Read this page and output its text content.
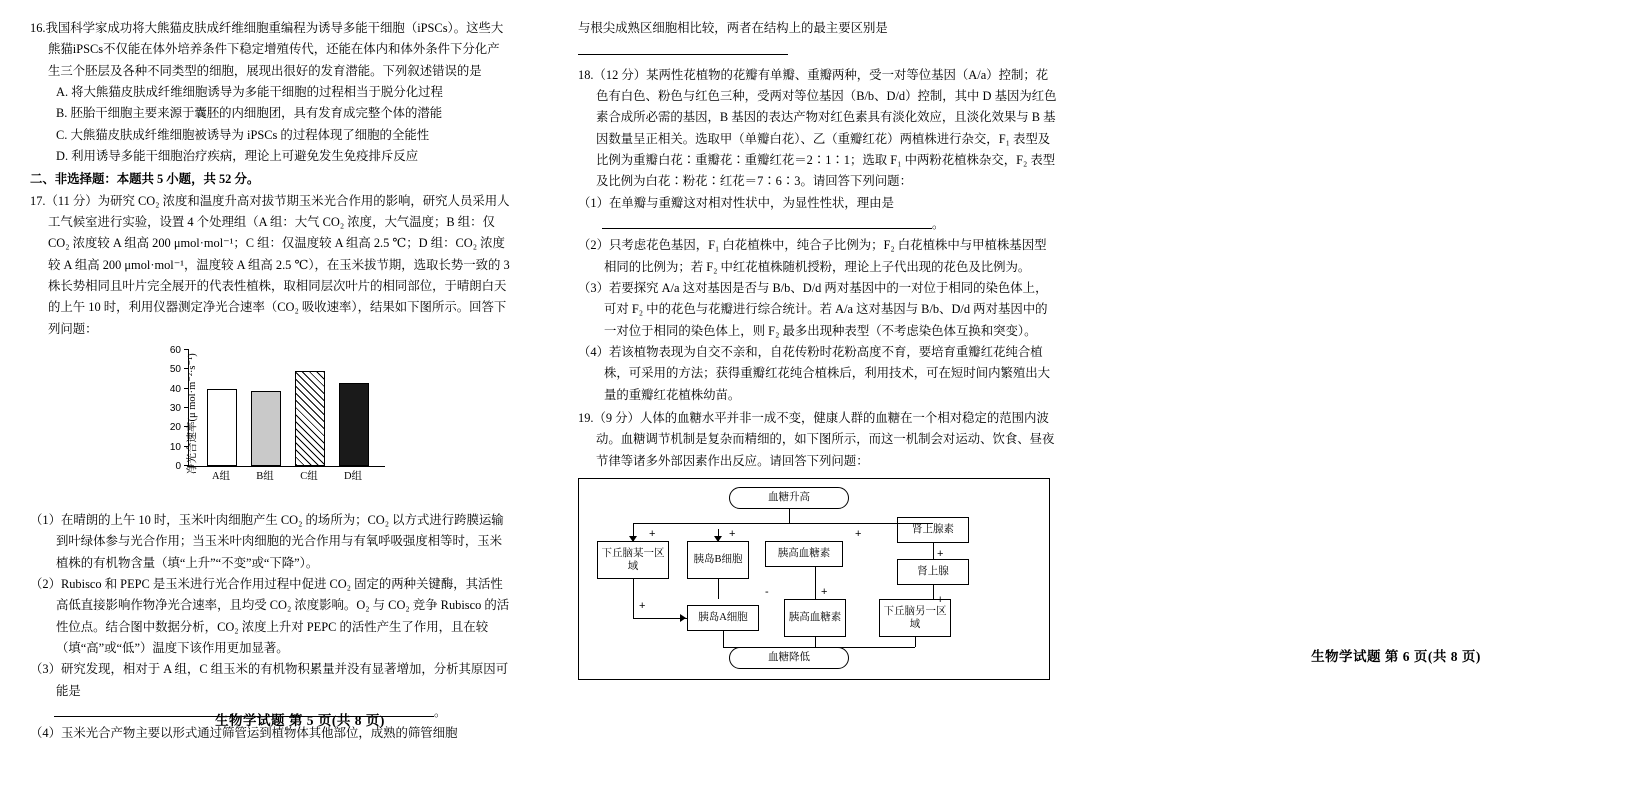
16.我国科学家成功将大熊猫皮肤成纤维细胞重编程为诱导多能干细胞（iPSCs）。这些大熊猫iPSCs不仅能在体外培养条件下稳定增殖传代，还能在体内和体外条件下分化产生三个胚层及各种不同类型的细胞，展现出很好的发育潜能。下列叙述错误的是

A. 将大熊猫皮肤成纤维细胞诱导为多能干细胞的过程相当于脱分化过程

B. 胚胎干细胞主要来源于囊胚的内细胞团，具有发育成完整个体的潜能

C. 大熊猫皮肤成纤维细胞被诱导为 iPSCs 的过程体现了细胞的全能性

D. 利用诱导多能干细胞治疗疾病，理论上可避免发生免疫排斥反应

二、非选择题：本题共 5 小题，共 52 分。

17.（11 分）为研究 CO₂ 浓度和温度升高对拔节期玉米光合作用的影响，研究人员采用人工气候室进行实验，设置 4 个处理组（A 组：大气 CO₂ 浓度，大气温度；B 组：仅 CO₂ 浓度较 A 组高 200 μmol·mol⁻¹；C 组：仅温度较 A 组高 2.5 ℃；D 组：CO₂ 浓度较 A 组高 200 μmol·mol⁻¹，温度较 A 组高 2.5 ℃），在玉米拔节期，选取长势一致的 3 株长势相同且叶片完全展开的代表性植株，取相同层次叶片的相同部位，于晴朗白天的上午 10 时，利用仪器测定净光合速率（CO₂ 吸收速率），结果如下图所示。回答下列问题：

净光合速率(μ mol·m⁻²·s⁻¹)
0
10
20
30
40
50
60
A组	B组	C组	D组

（1）在晴朗的上午 10 时，玉米叶肉细胞产生 CO₂ 的场所为；CO₂ 以方式进行跨膜运输到叶绿体参与光合作用；当玉米叶肉细胞的光合作用与有氧呼吸强度相等时，玉米植株的有机物含量（填“上升”“不变”或“下降”）。

（2）Rubisco 和 PEPC 是玉米进行光合作用过程中促进 CO₂ 固定的两种关键酶，其活性高低直接影响作物净光合速率，且均受 CO₂ 浓度影响。O₂ 与 CO₂ 竞争 Rubisco 的活性位点。结合图中数据分析，CO₂ 浓度上升对 PEPC 的活性产生了作用，且在较（填“高”或“低”）温度下该作用更加显著。

（3）研究发现，相对于 A 组，C 组玉米的有机物积累量并没有显著增加，分析其原因可能是

。

（4）玉米光合产物主要以形式通过筛管运到植物体其他部位，成熟的筛管细胞

生物学试题 第 5 页(共 8 页)

与根尖成熟区细胞相比较，两者在结构上的最主要区别是

18.（12 分）某两性花植物的花瓣有单瓣、重瓣两种，受一对等位基因（A/a）控制；花色有白色、粉色与红色三种，受两对等位基因（B/b、D/d）控制，其中 D 基因为红色素合成所必需的基因，B 基因的表达产物对红色素具有淡化效应，且淡化效果与 B 基因数量呈正相关。选取甲（单瓣白花）、乙（重瓣红花）两植株进行杂交，F₁ 表型及比例为重瓣白花∶重瓣花∶重瓣红花＝2∶1∶1；选取 F₁ 中两粉花植株杂交，F₂ 表型及比例为白花∶粉花∶红花＝7∶6∶3。请回答下列问题：

（1）在单瓣与重瓣这对相对性状中，为显性性状，理由是

。

（2）只考虑花色基因，F₁ 白花植株中，纯合子比例为；F₂ 白花植株中与甲植株基因型相同的比例为；若 F₂ 中红花植株随机授粉，理论上子代出现的花色及比例为。

（3）若要探究 A/a 这对基因是否与 B/b、D/d 两对基因中的一对位于相同的染色体上，可对 F₂ 中的花色与花瓣进行综合统计。若 A/a 这对基因与 B/b、D/d 两对基因中的一对位于相同的染色体上，则 F₂ 最多出现种表型（不考虑染色体互换和突变）。

（4）若该植物表现为自交不亲和，自花传粉时花粉高度不育，要培育重瓣红花纯合植株，可采用的方法；获得重瓣红花纯合植株后，利用技术，可在短时间内繁殖出大量的重瓣红花植株幼苗。

19.（9 分）人体的血糖水平并非一成不变，健康人群的血糖在一个相对稳定的范围内波动。血糖调节机制是复杂而精细的，如下图所示，而这一机制会对运动、饮食、昼夜节律等诸多外部因素作出反应。请回答下列问题：

血糖升高
下丘脑某一区域
胰岛B细胞
胰高血糖素
肾上腺素
肾上腺
胰岛A细胞	胰高血糖素
下丘脑另一区域
血糖降低
+	+	+
+
-
+
+
+
生物学试题 第 6 页(共 8 页)
